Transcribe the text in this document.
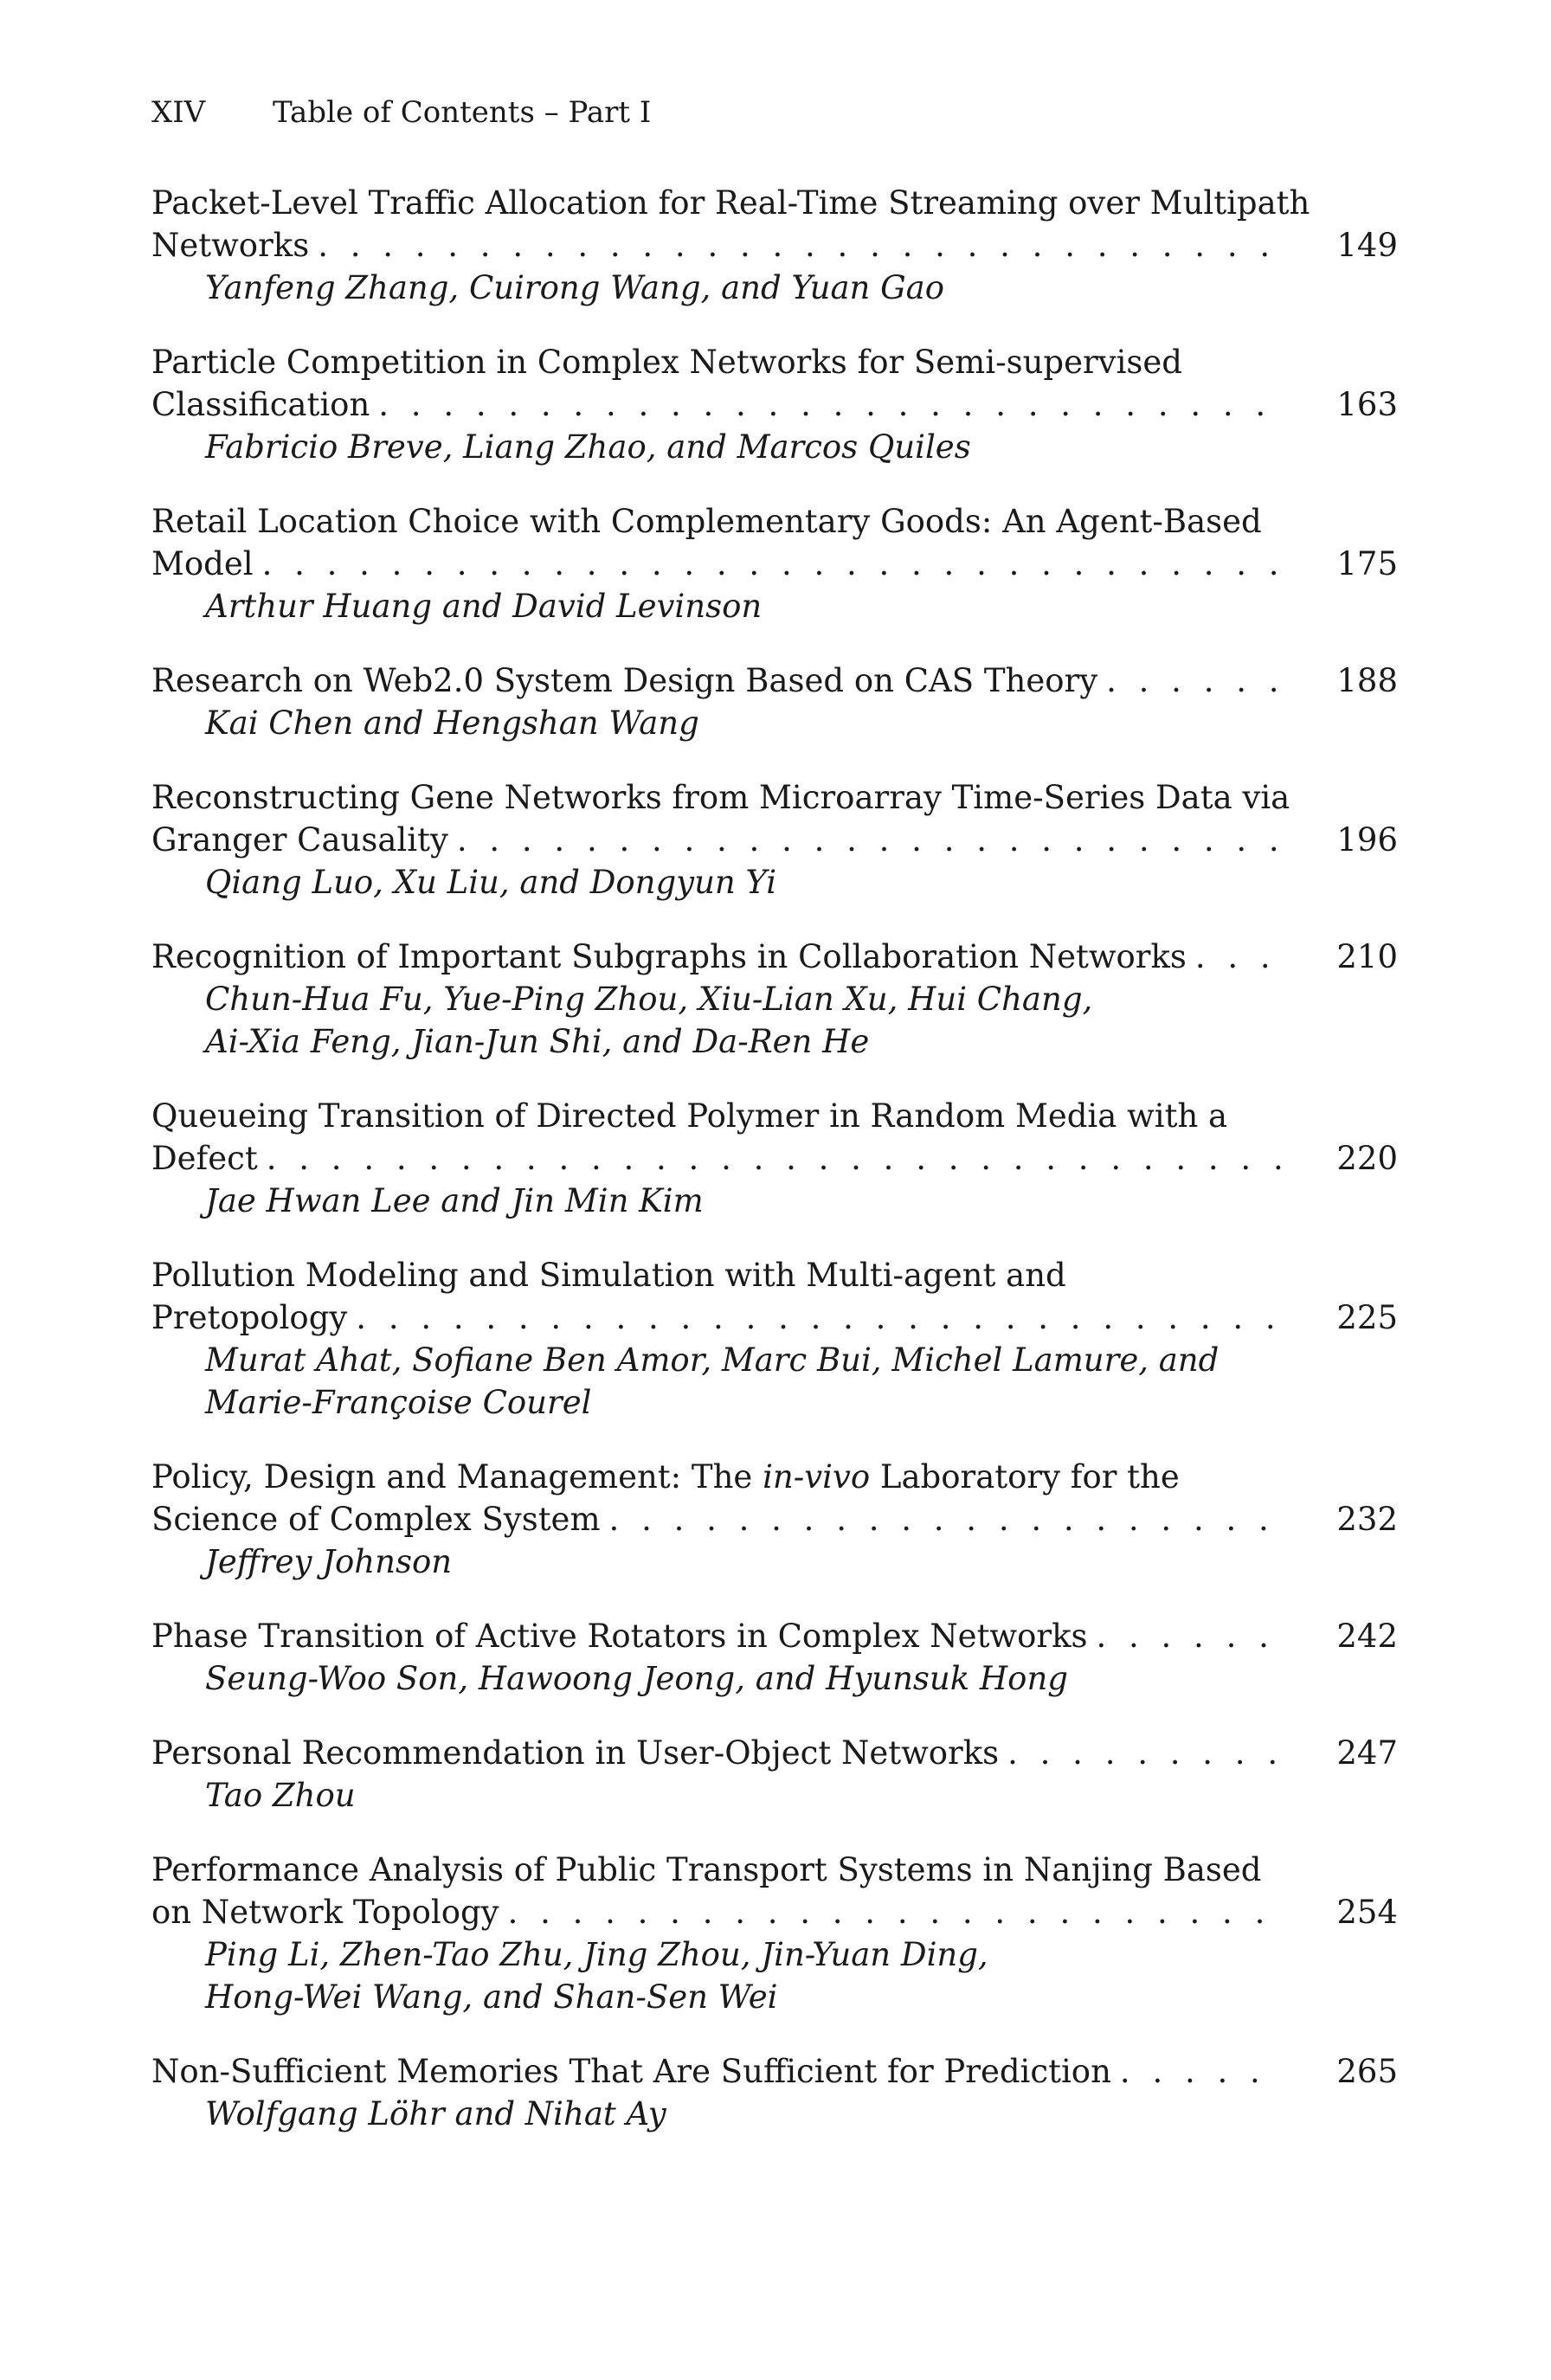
XIV Table of Contents – Part I
Packet-Level Traffic Allocation for Real-Time Streaming over Multipath
Networks . . .	149
Yanfeng Zhang, Cuirong Wang, and Yuan Gao
Particle Competition in Complex Networks for Semi-supervised
Classification . . .	163
Fabricio Breve, Liang Zhao, and Marcos Quiles
Retail Location Choice with Complementary Goods: An Agent-Based
Model . . .	175
Arthur Huang and David Levinson
Research on Web2.0 System Design Based on CAS Theory . . .	188
Kai Chen and Hengshan Wang
Reconstructing Gene Networks from Microarray Time-Series Data via
Granger Causality . . .	196
Qiang Luo, Xu Liu, and Dongyun Yi
Recognition of Important Subgraphs in Collaboration Networks . . .	210
Chun-Hua Fu, Yue-Ping Zhou, Xiu-Lian Xu, Hui Chang,
Ai-Xia Feng, Jian-Jun Shi, and Da-Ren He
Queueing Transition of Directed Polymer in Random Media with a
Defect . . .	220
Jae Hwan Lee and Jin Min Kim
Pollution Modeling and Simulation with Multi-agent and
Pretopology . . .	225
Murat Ahat, Sofiane Ben Amor, Marc Bui, Michel Lamure, and
Marie-Françoise Courel
Policy, Design and Management: The in-vivo Laboratory for the
Science of Complex System . . .	232
Jeffrey Johnson
Phase Transition of Active Rotators in Complex Networks . . .	242
Seung-Woo Son, Hawoong Jeong, and Hyunsuk Hong
Personal Recommendation in User-Object Networks . . .	247
Tao Zhou
Performance Analysis of Public Transport Systems in Nanjing Based
on Network Topology . . .	254
Ping Li, Zhen-Tao Zhu, Jing Zhou, Jin-Yuan Ding,
Hong-Wei Wang, and Shan-Sen Wei
Non-Sufficient Memories That Are Sufficient for Prediction . . .	265
Wolfgang Löhr and Nihat Ay
